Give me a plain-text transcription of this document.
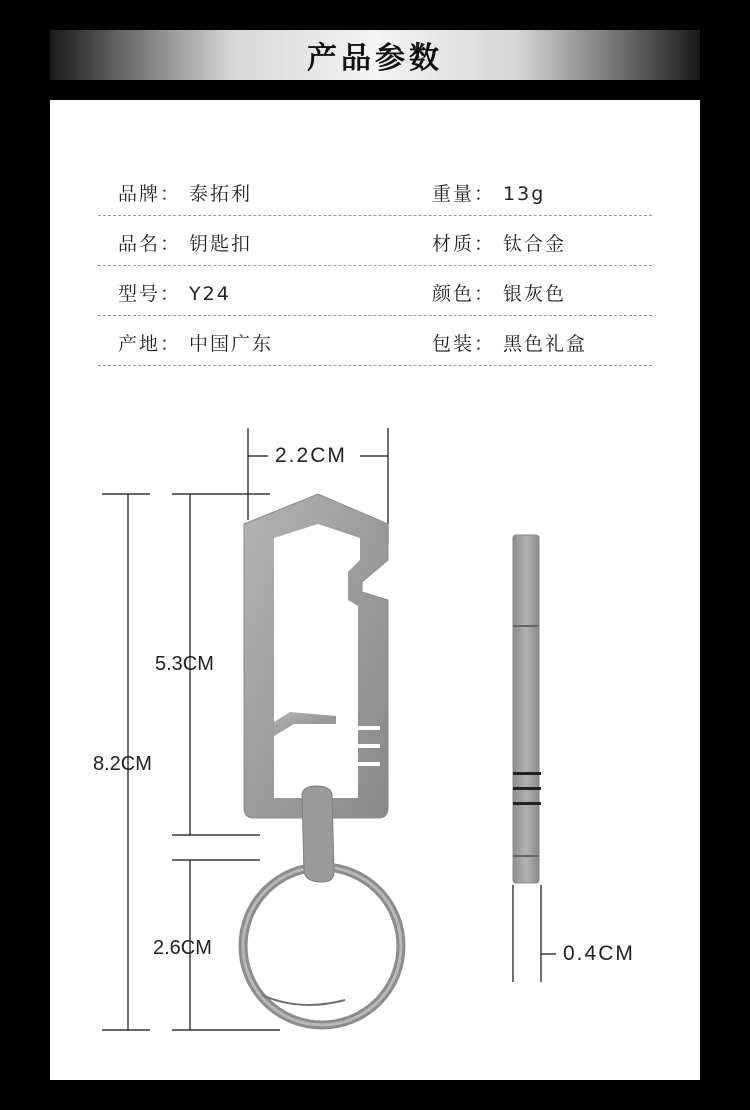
产品参数
品牌： 泰拓利	重量： 13g
品名： 钥匙扣	材质： 钛合金
型号： Y24	颜色： 银灰色
产地： 中国广东	包装： 黑色礼盒
2.2CM
8.2CM
5.3CM
2.6CM	0.4CM
